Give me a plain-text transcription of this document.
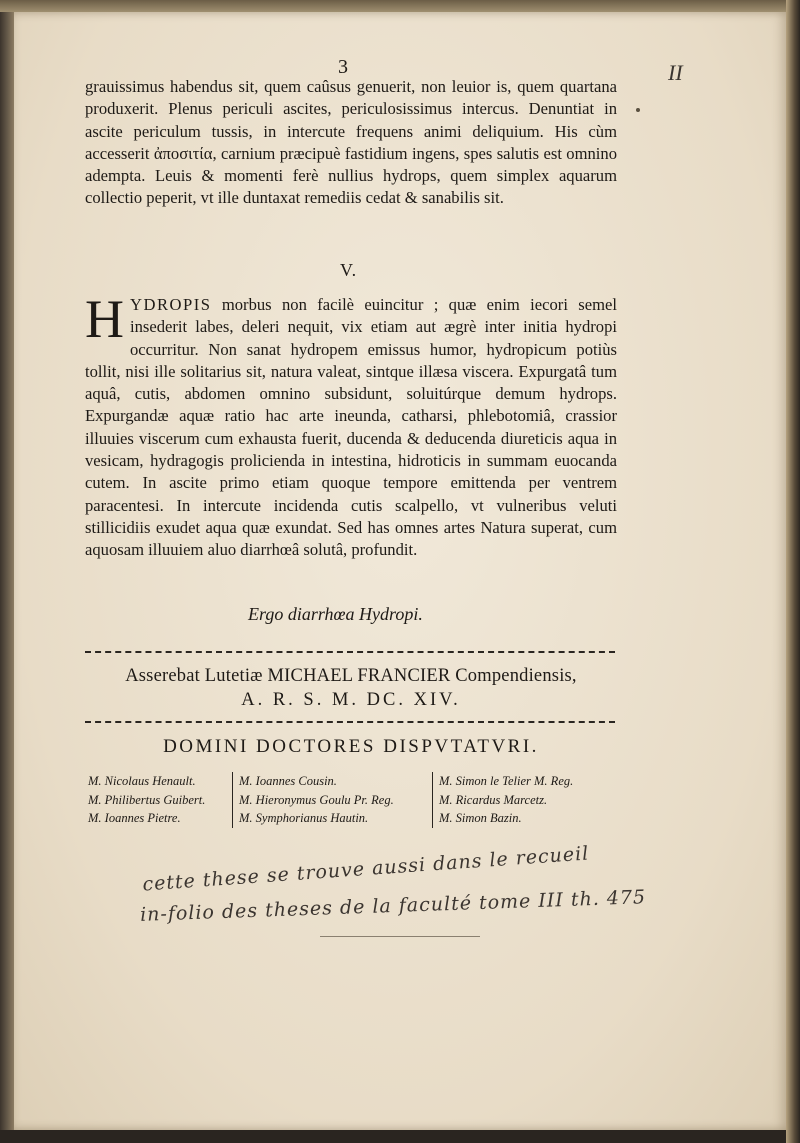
3	II
grauissimus habendus sit, quem caûsus genuerit, non leuior is, quem quartana produxerit. Plenus periculi ascites, periculosissimus intercus. Denuntiat in ascite periculum tussis, in intercute frequens animi deliquium. His cùm accesserit ἀποσιτία, carnium præcipuè fastidium ingens, spes salutis est omnino adempta. Leuis & momenti ferè nullius hydrops, quem simplex aquarum collectio peperit, vt ille duntaxat remediis cedat & sanabilis sit.
V.
HYDROPIS morbus non facilè euincitur ; quæ enim iecori semel insederit labes, deleri nequit, vix etiam aut ægrè inter initia hydropi occurritur. Non sanat hydropem emissus humor, hydropicum potiùs tollit, nisi ille solitarius sit, natura valeat, sintque illæsa viscera. Expurgatâ tum aquâ, cutis, abdomen omnino subsidunt, soluitúrque demum hydrops. Expurgandæ aquæ ratio hac arte ineunda, catharsi, phlebotomiâ, crassior illuuies viscerum cum exhausta fuerit, ducenda & deducenda diureticis aqua in vesicam, hydragogis prolicienda in intestina, hidroticis in summam euocanda cutem. In ascite primo etiam quoque tempore emittenda per ventrem paracentesi. In intercute incidenda cutis scalpello, vt vulneribus veluti stillicidiis exudet aqua quæ exundat. Sed has omnes artes Natura superat, cum aquosam illuuiem aluo diarrhœâ solutâ, profundit.
Ergo diarrhœa Hydropi.
Asserebat Lutetiæ MICHAEL FRANCIER Compendiensis,
A. R. S. M. DC. XIV.
DOMINI DOCTORES DISPVTATVRI.
M. Nicolaus Henault.
M. Philibertus Guibert.
M. Ioannes Pietre.
M. Ioannes Cousin.
M. Hieronymus Goulu Pr. Reg.
M. Symphorianus Hautin.
M. Simon le Telier M. Reg.
M. Ricardus Marcetz.
M. Simon Bazin.
cette these se trouve aussi dans le recueil
in-folio des theses de la faculté tome III th. 475
